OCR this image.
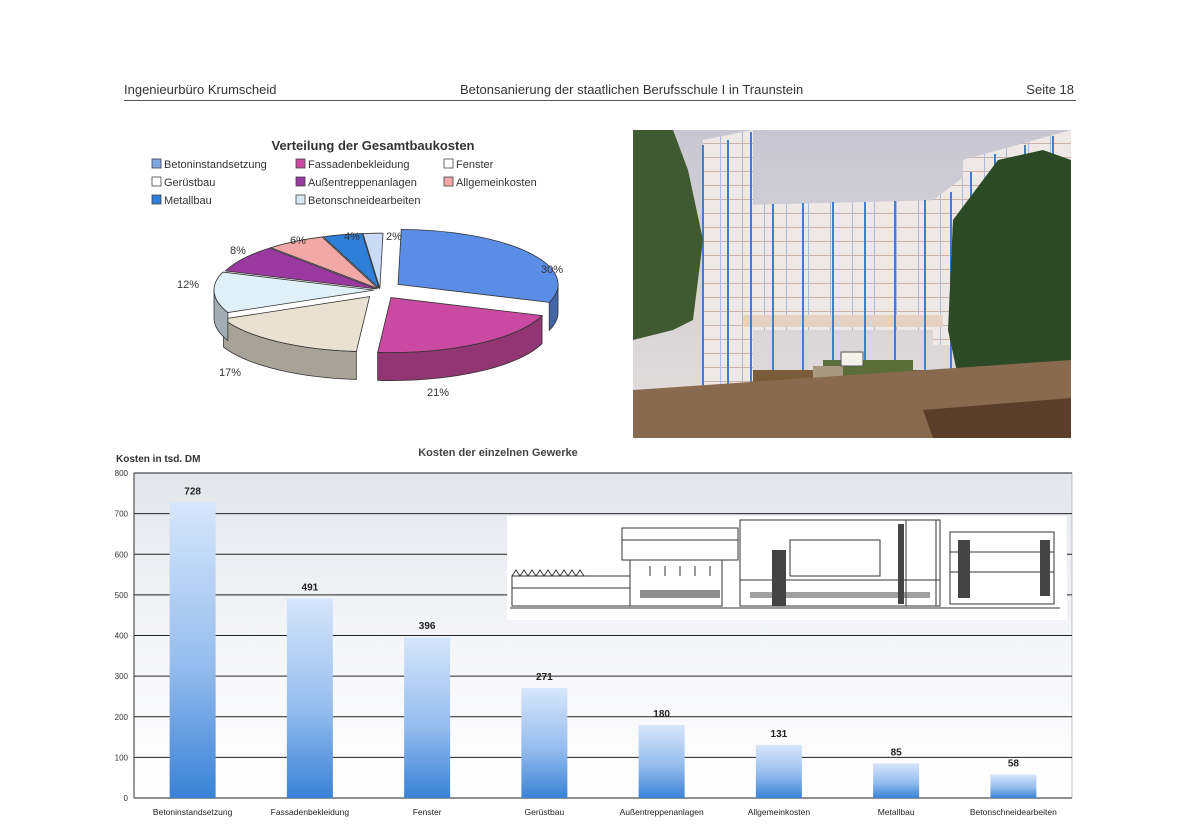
Ingenieurbüro Krumscheid	Betonsanierung der staatlichen Berufsschule I in Traunstein	Seite 18
Verteilung der Gesamtbaukosten
Betoninstandsetzung	Fassadenbekleidung	Fenster
Gerüstbau	Außentreppenanlagen	Allgemeinkosten
Metallbau	Betonschneidearbeiten
30%
21%
17%
12%
8%
6%	4% 2%
Kosten in tsd. DM
Kosten der einzelnen Gewerke
0
100
200
300
400
500
600
700
800
728
Betoninstandsetzung
491
Fassadenbekleidung
396
Fenster
271
Gerüstbau
180
Außentreppenanlagen
131
Allgemeinkosten
85
Metallbau
58
Betonschneidearbeiten
